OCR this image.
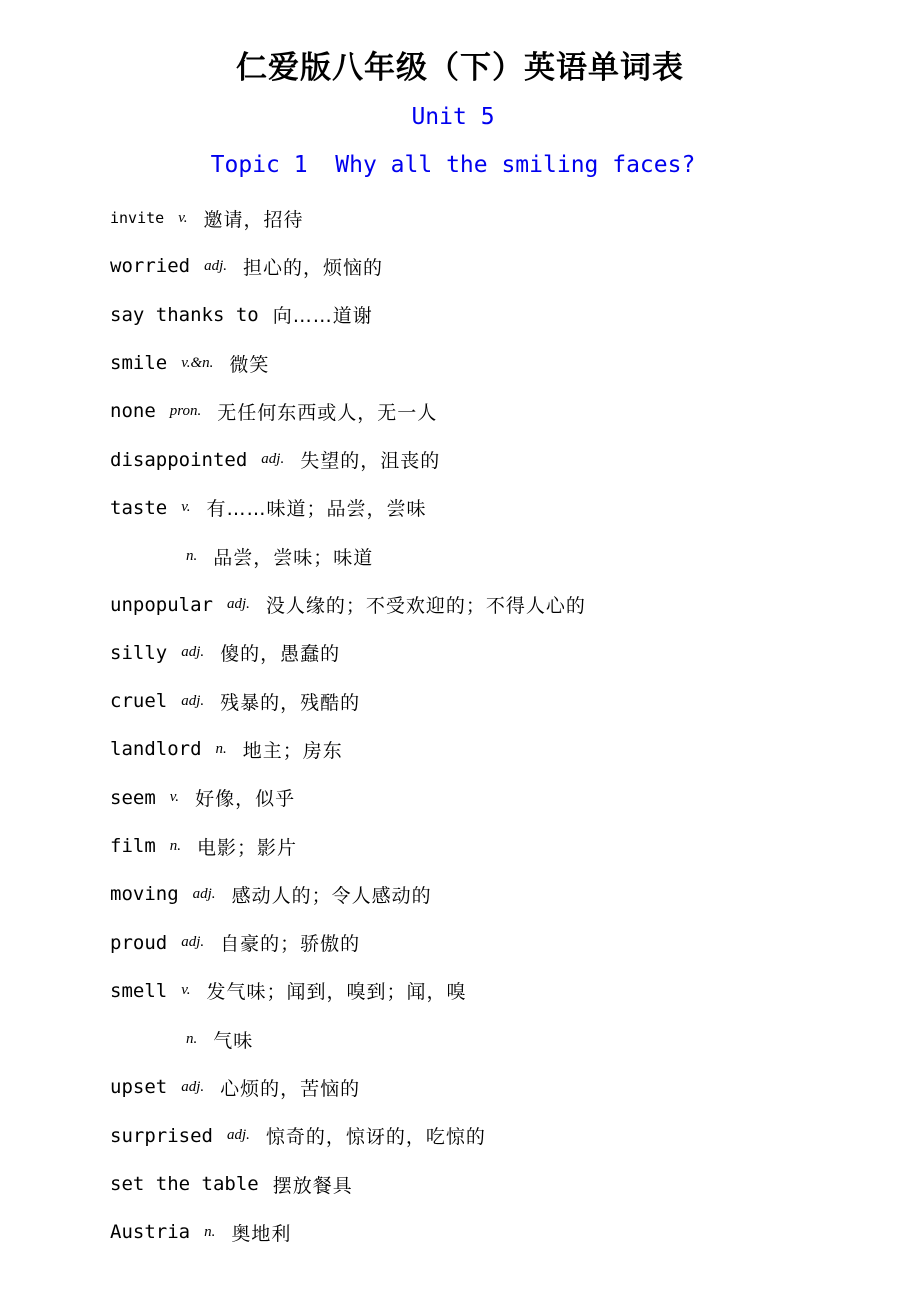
仁爱版八年级（下）英语单词表
Unit 5
Topic 1  Why all the smiling faces?
invite v. 邀请，招待
worried adj. 担心的，烦恼的
say thanks to 向……道谢
smile v.&n. 微笑
none pron. 无任何东西或人，无一人
disappointed adj. 失望的，沮丧的
taste v. 有……味道；品尝，尝味
n. 品尝，尝味；味道
unpopular adj. 没人缘的；不受欢迎的；不得人心的
silly adj. 傻的，愚蠢的
cruel adj. 残暴的，残酷的
landlord n. 地主；房东
seem v. 好像，似乎
film n. 电影；影片
moving adj. 感动人的；令人感动的
proud adj. 自豪的；骄傲的
smell v. 发气味；闻到，嗅到；闻，嗅
n. 气味
upset adj. 心烦的，苦恼的
surprised adj. 惊奇的，惊讶的，吃惊的
set the table 摆放餐具
Austria n. 奥地利
